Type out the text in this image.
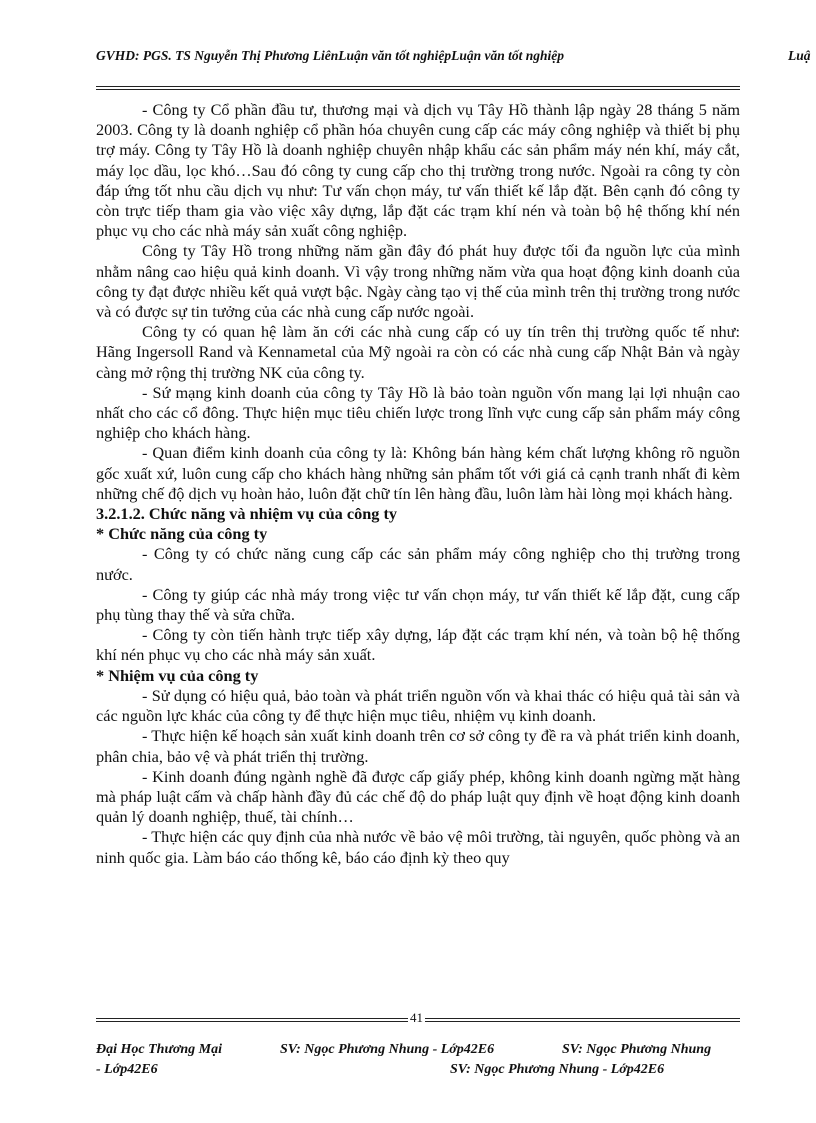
GVHD: PGS. TS Nguyễn Thị Phương LiênLuận văn tốt nghiệpLuận văn tốt nghiệp	Luậ

- Công ty Cổ phần đầu tư, thương mại và dịch vụ Tây Hồ thành lập ngày 28 tháng 5 năm 2003. Công ty là doanh nghiệp cổ phần hóa chuyên cung cấp các máy công nghiệp và thiết bị phụ trợ máy. Công ty Tây Hồ là doanh nghiệp chuyên nhập khẩu các sản phẩm máy nén khí, máy cắt, máy lọc dầu, lọc khó…Sau đó công ty cung cấp cho thị trường trong nước. Ngoài ra công ty còn đáp ứng tốt nhu cầu dịch vụ như: Tư vấn chọn máy, tư vấn thiết kế lắp đặt. Bên cạnh đó công ty còn trực tiếp tham gia vào việc xây dựng, lắp đặt các trạm khí nén và toàn bộ hệ thống khí nén phục vụ cho các nhà máy sản xuất công nghiệp.

Công ty Tây Hồ trong những năm gần đây đó phát huy được tối đa nguồn lực của mình nhằm nâng cao hiệu quả kinh doanh. Vì vậy trong những năm vừa qua hoạt động kinh doanh của công ty đạt được nhiều kết quả vượt bậc. Ngày càng tạo vị thế của mình trên thị trường trong nước và có được sự tin tưởng của các nhà cung cấp nước ngoài.

Công ty có quan hệ làm ăn cới các nhà cung cấp có uy tín trên thị trường quốc tế như: Hãng Ingersoll Rand và Kennametal của Mỹ ngoài ra còn có các nhà cung cấp Nhật Bản và ngày càng mở rộng thị trường NK của công ty.

- Sứ mạng kinh doanh của công ty Tây Hồ là bảo toàn nguồn vốn mang lại lợi nhuận cao nhất cho các cổ đông. Thực hiện mục tiêu chiến lược trong lĩnh vực cung cấp sản phẩm máy công nghiệp cho khách hàng.

- Quan điểm kinh doanh của công ty là: Không bán hàng kém chất lượng không rõ nguồn gốc xuất xứ, luôn cung cấp cho khách hàng những sản phẩm tốt với giá cả cạnh tranh nhất đi kèm những chế độ dịch vụ hoàn hảo, luôn đặt chữ tín lên hàng đầu, luôn làm hài lòng mọi khách hàng.

3.2.1.2. Chức năng và nhiệm vụ của công ty
* Chức năng của công ty

- Công ty có chức năng cung cấp các sản phẩm máy công nghiệp cho thị trường trong nước.

- Công ty giúp các nhà máy trong việc tư vấn chọn máy, tư vấn thiết kế lắp đặt, cung cấp phụ tùng thay thế và sửa chữa.

- Công ty còn tiến hành trực tiếp xây dựng, láp đặt các trạm khí nén, và toàn bộ hệ thống khí nén phục vụ cho các nhà máy sản xuất.

* Nhiệm vụ của công ty

- Sử dụng có hiệu quả, bảo toàn và phát triển nguồn vốn và khai thác có hiệu quả tài sản và các nguồn lực khác của công ty để thực hiện mục tiêu, nhiệm vụ kinh doanh.

- Thực hiện kế hoạch sản xuất kinh doanh trên cơ sở công ty đề ra và phát triển kinh doanh, phân chia, bảo vệ và phát triển thị trường.

- Kinh doanh đúng ngành nghề đã được cấp giấy phép, không kinh doanh ngừng mặt hàng mà pháp luật cấm và chấp hành đầy đủ các chế độ do pháp luật quy định về hoạt động kinh doanh quản lý doanh nghiệp, thuế, tài chính…

- Thực hiện các quy định của nhà nước về bảo vệ môi trường, tài nguyên, quốc phòng và an ninh quốc gia. Làm báo cáo thống kê, báo cáo định kỳ theo quy

41
Đại Học Thương Mại	SV: Ngọc Phương Nhung - Lớp42E6	SV: Ngọc Phương Nhung
- Lớp42E6	SV: Ngọc Phương Nhung - Lớp42E6
